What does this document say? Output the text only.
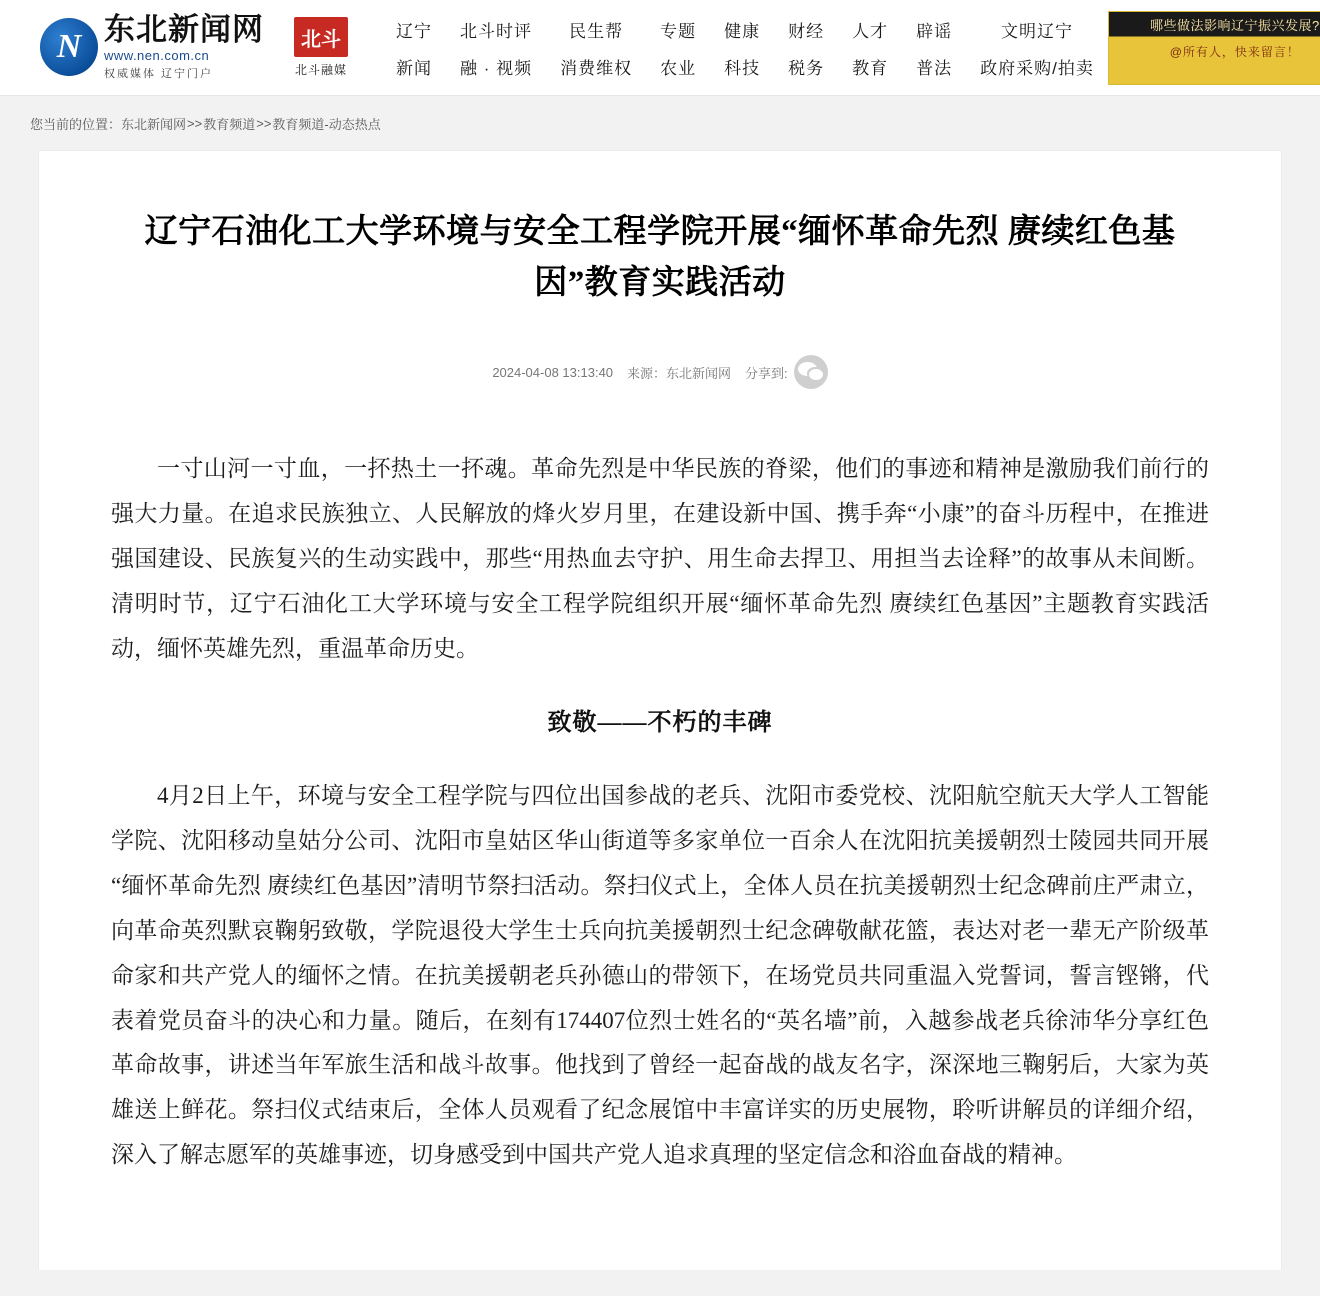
N
东北新闻网
www.nen.com.cn
权威媒体 辽宁门户
北斗
北斗融媒
辽宁
新闻
北斗时评
融 · 视频
民生帮
消费维权
专题
农业
健康
科技
财经
税务
人才
教育
辟谣
普法
文明辽宁
政府采购/拍卖
哪些做法影响辽宁振兴发展?
@所有人，快来留言！
您当前的位置： 东北新闻网 >> 教育频道 >> 教育频道-动态热点
辽宁石油化工大学环境与安全工程学院开展“缅怀革命先烈 赓续红色基因”教育实践活动
2024-04-08 13:13:40 来源：东北新闻网 分享到:

一寸山河一寸血，一抔热土一抔魂。革命先烈是中华民族的脊梁，他们的事迹和精神是激励我们前行的强大力量。在追求民族独立、人民解放的烽火岁月里，在建设新中国、携手奔“小康”的奋斗历程中，在推进强国建设、民族复兴的生动实践中，那些“用热血去守护、用生命去捍卫、用担当去诠释”的故事从未间断。清明时节，辽宁石油化工大学环境与安全工程学院组织开展“缅怀革命先烈 赓续红色基因”主题教育实践活动，缅怀英雄先烈，重温革命历史。

致敬——不朽的丰碑

4月2日上午，环境与安全工程学院与四位出国参战的老兵、沈阳市委党校、沈阳航空航天大学人工智能学院、沈阳移动皇姑分公司、沈阳市皇姑区华山街道等多家单位一百余人在沈阳抗美援朝烈士陵园共同开展“缅怀革命先烈 赓续红色基因”清明节祭扫活动。祭扫仪式上，全体人员在抗美援朝烈士纪念碑前庄严肃立，向革命英烈默哀鞠躬致敬，学院退役大学生士兵向抗美援朝烈士纪念碑敬献花篮，表达对老一辈无产阶级革命家和共产党人的缅怀之情。在抗美援朝老兵孙德山的带领下，在场党员共同重温入党誓词，誓言铿锵，代表着党员奋斗的决心和力量。随后，在刻有174407位烈士姓名的“英名墙”前，入越参战老兵徐沛华分享红色革命故事，讲述当年军旅生活和战斗故事。他找到了曾经一起奋战的战友名字，深深地三鞠躬后，大家为英雄送上鲜花。祭扫仪式结束后，全体人员观看了纪念展馆中丰富详实的历史展物，聆听讲解员的详细介绍，深入了解志愿军的英雄事迹，切身感受到中国共产党人追求真理的坚定信念和浴血奋战的精神。
